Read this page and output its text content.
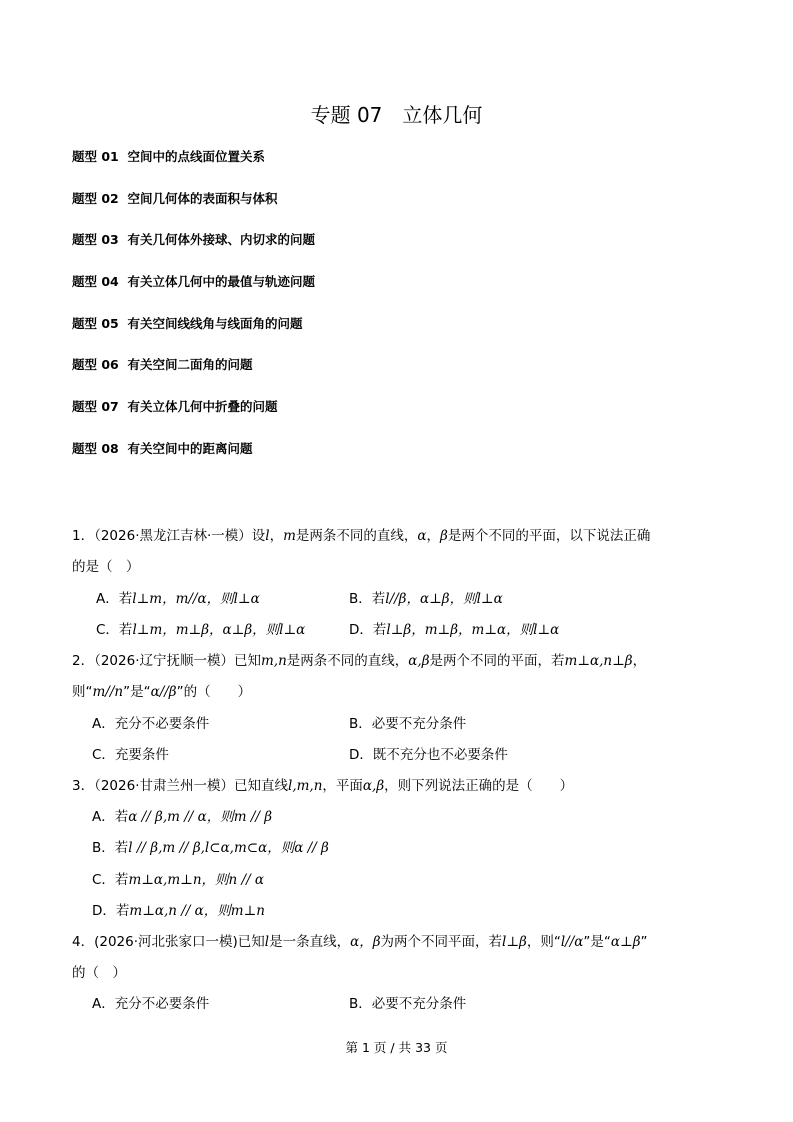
专题 07　立体几何
题型 01 空间中的点线面位置关系
题型 02 空间几何体的表面积与体积
题型 03 有关几何体外接球、内切求的问题
题型 04 有关立体几何中的最值与轨迹问题
题型 05 有关空间线线角与线面角的问题
题型 06 有关空间二面角的问题
题型 07 有关立体几何中折叠的问题
题型 08 有关空间中的距离问题
1．（2026·黑龙江吉林·一模）设l，m是两条不同的直线，α，β是两个不同的平面，以下说法正确
的是（　）
A．若l⊥m，m//α，则l⊥α	B．若l//β，α⊥β，则l⊥α
C．若l⊥m，m⊥β，α⊥β，则l⊥α	D．若l⊥β，m⊥β，m⊥α，则l⊥α
2．（2026·辽宁抚顺一模）已知m,n是两条不同的直线，α,β是两个不同的平面，若m⊥α,n⊥β，
则“m//n”是“α//β”的（　　）
A．充分不必要条件	B．必要不充分条件
C．充要条件	D．既不充分也不必要条件
3．（2026·甘肃兰州一模）已知直线l,m,n，平面α,β，则下列说法正确的是（　　）
A．若α // β,m // α，则m // β
B．若l // β,m // β,l⊂α,m⊂α，则α // β
C．若m⊥α,m⊥n，则n // α
D．若m⊥α,n // α，则m⊥n
4．(2026·河北张家口一模)已知l是一条直线，α，β为两个不同平面，若l⊥β，则“l//α”是“α⊥β”
的（　）
A．充分不必要条件	B．必要不充分条件
第 1 页 / 共 33 页
